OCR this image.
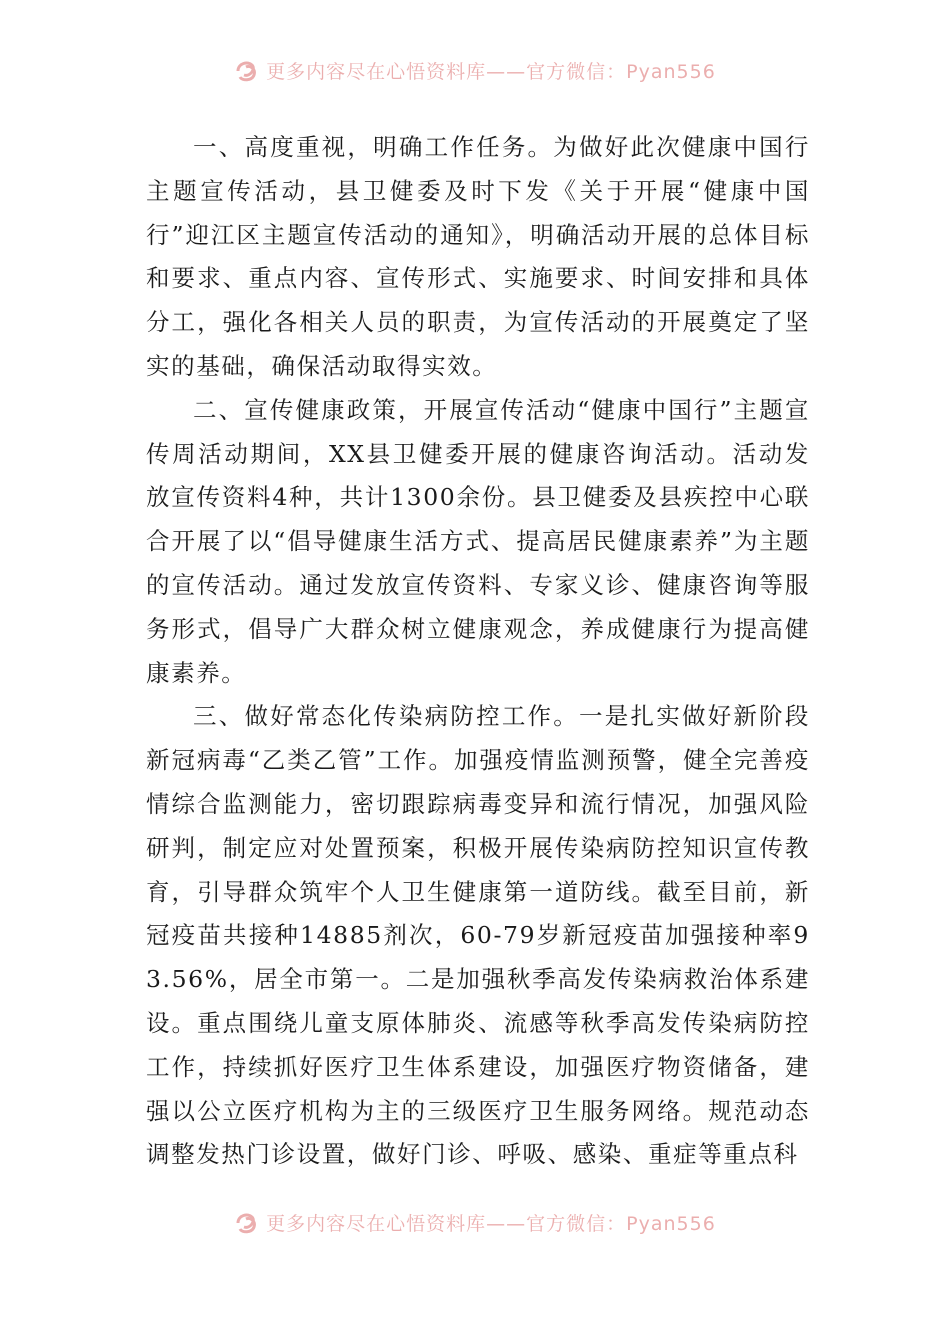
更多内容尽在心悟资料库——官方微信：Pyan556

一、高度重视，明确工作任务。为做好此次健康中国行主题宣传活动，县卫健委及时下发《关于开展“健康中国行”迎江区主题宣传活动的通知》，明确活动开展的总体目标和要求、重点内容、宣传形式、实施要求、时间安排和具体分工，强化各相关人员的职责，为宣传活动的开展奠定了坚实的基础，确保活动取得实效。

二、宣传健康政策，开展宣传活动“健康中国行”主题宣传周活动期间，XX县卫健委开展的健康咨询活动。活动发放宣传资料4种，共计1300余份。县卫健委及县疾控中心联合开展了以“倡导健康生活方式、提高居民健康素养”为主题的宣传活动。通过发放宣传资料、专家义诊、健康咨询等服务形式，倡导广大群众树立健康观念，养成健康行为提高健康素养。

三、做好常态化传染病防控工作。一是扎实做好新阶段新冠病毒“乙类乙管”工作。加强疫情监测预警，健全完善疫情综合监测能力，密切跟踪病毒变异和流行情况，加强风险研判，制定应对处置预案，积极开展传染病防控知识宣传教育，引导群众筑牢个人卫生健康第一道防线。截至目前，新冠疫苗共接种14885剂次，60-79岁新冠疫苗加强接种率93.56%，居全市第一。二是加强秋季高发传染病救治体系建设。重点围绕儿童支原体肺炎、流感等秋季高发传染病防控工作，持续抓好医疗卫生体系建设，加强医疗物资储备，建强以公立医疗机构为主的三级医疗卫生服务网络。规范动态调整发热门诊设置，做好门诊、呼吸、感染、重症等重点科

更多内容尽在心悟资料库——官方微信：Pyan556
